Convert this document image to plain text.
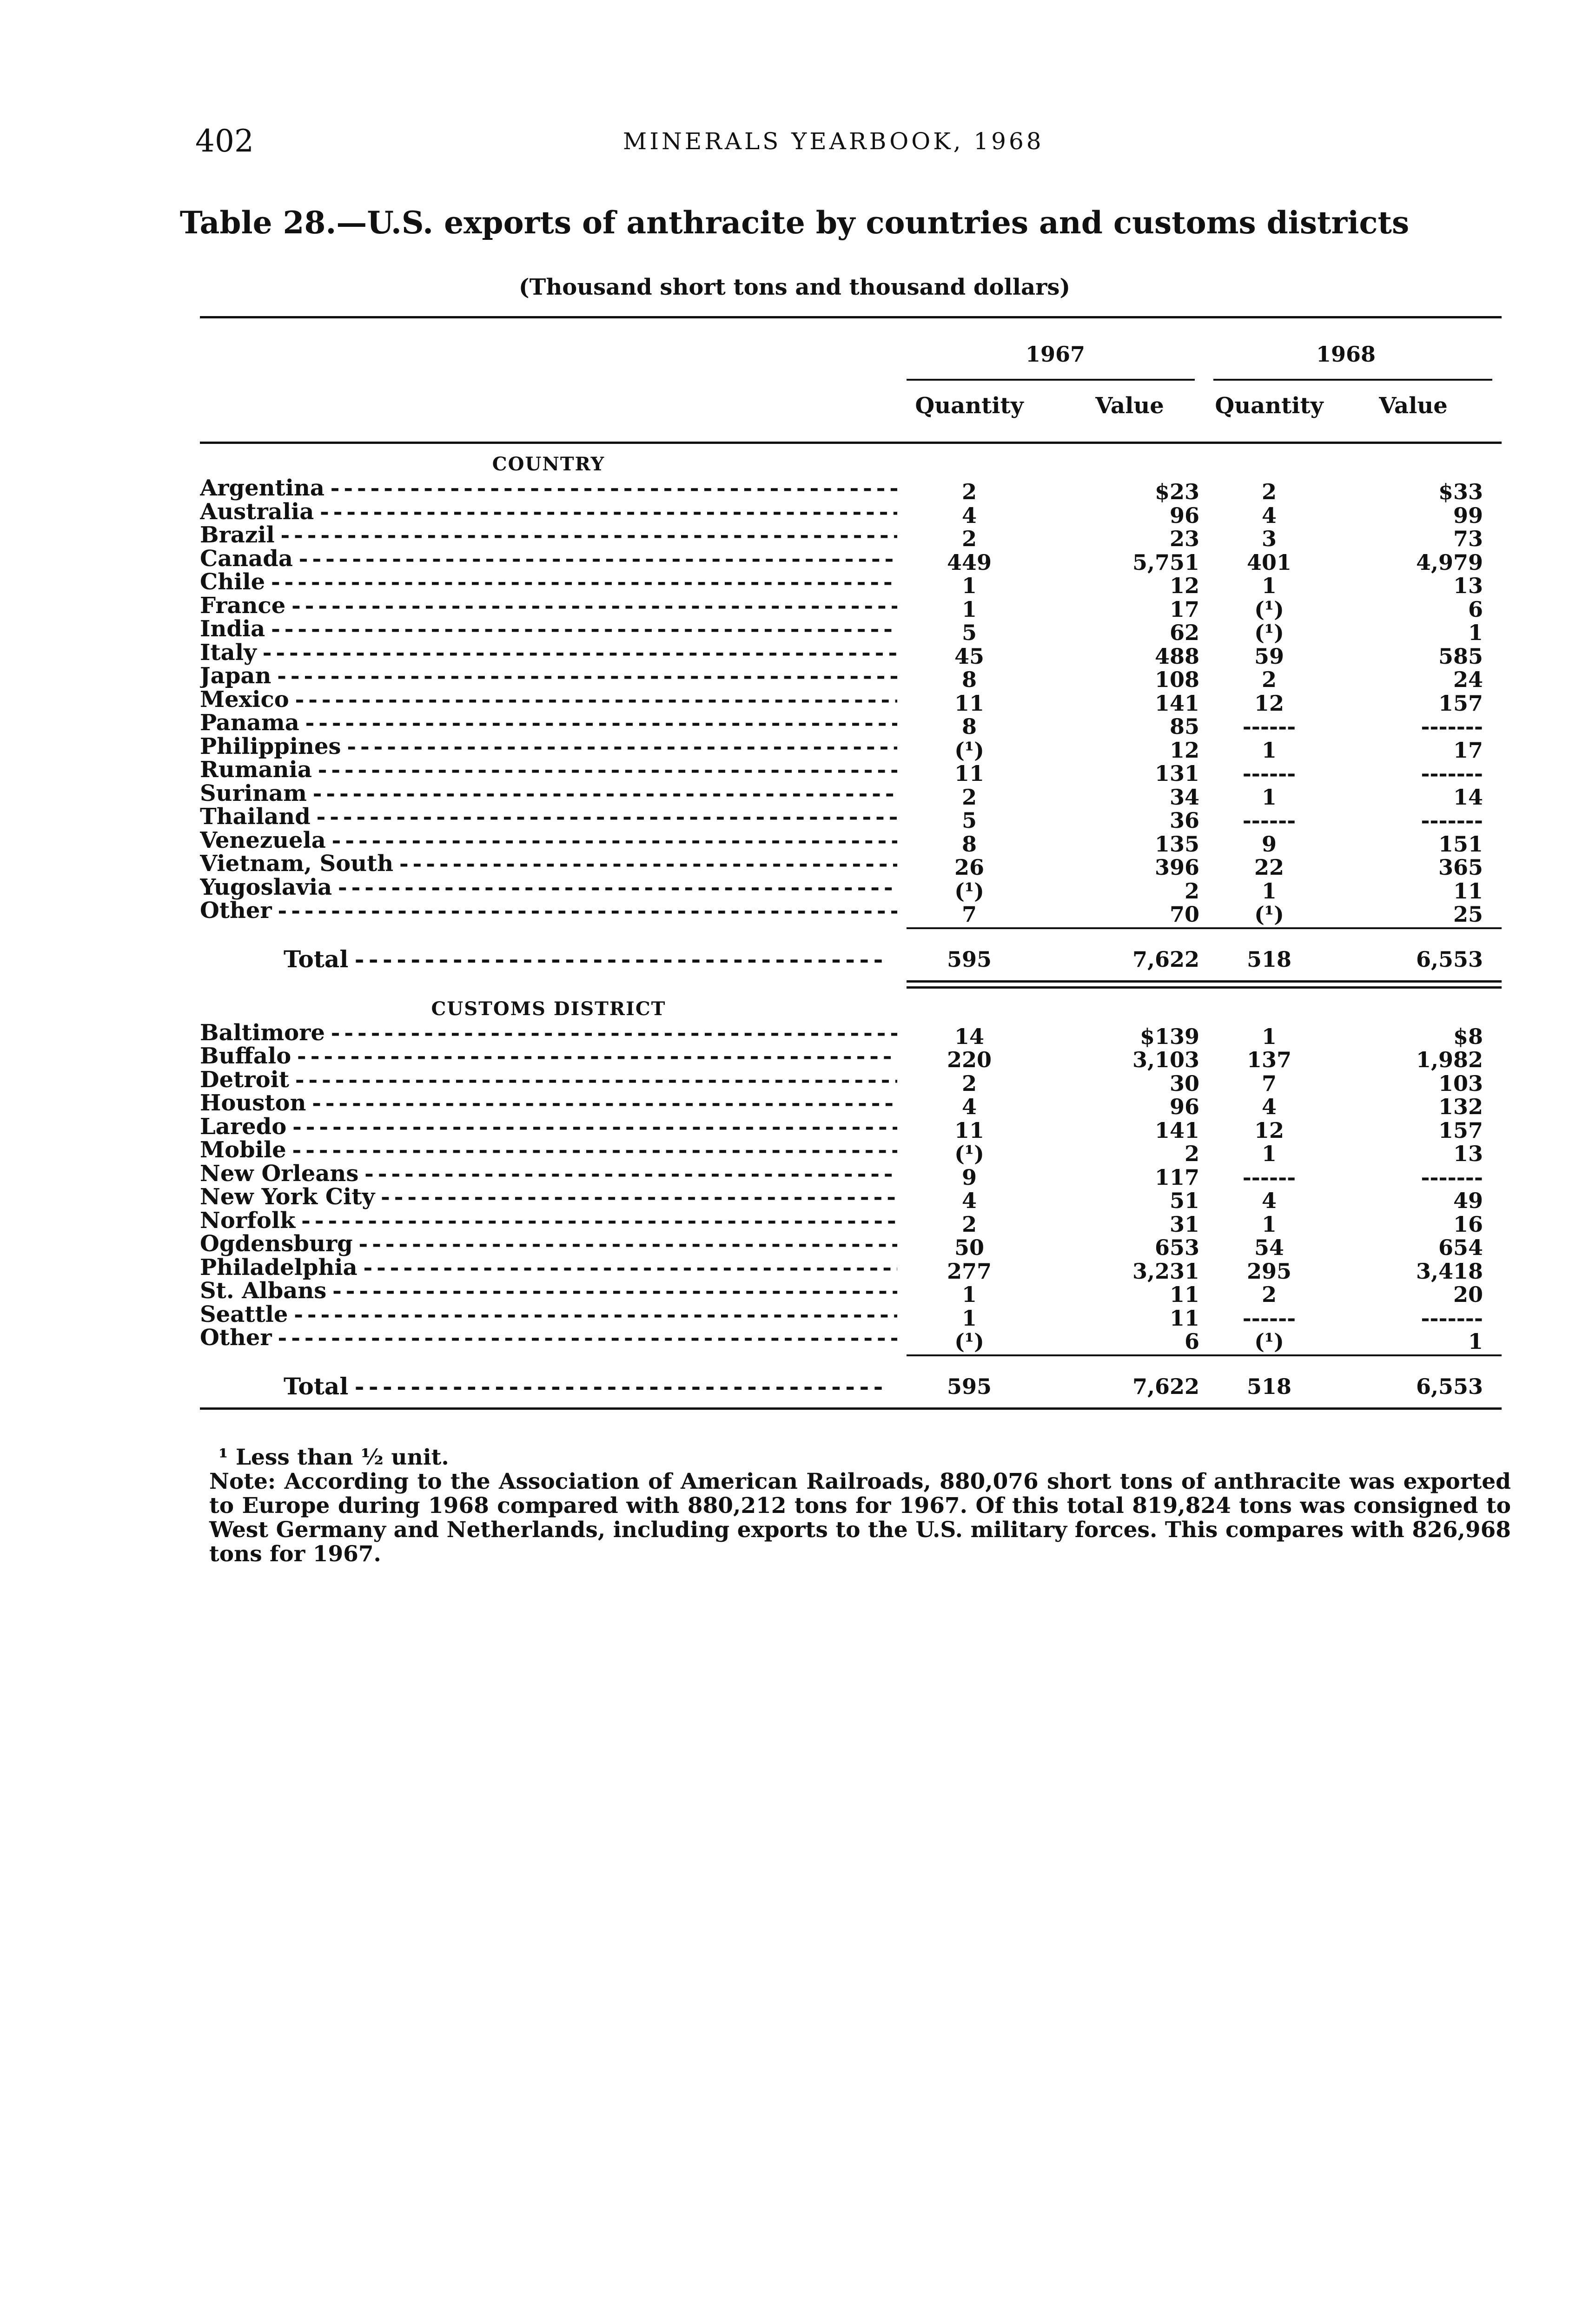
402	MINERALS YEARBOOK, 1968
Table 28.—U.S. exports of anthracite by countries and customs districts
(Thousand short tons and thousand dollars)
1967	1968
Quantity	Value	Quantity	Value
COUNTRY
Argentina - - -	2	$23	2	$33
Australia - - -	4	96	4	99
Brazil - - -	2	23	3	73
Canada - - -	449	5,751	401	4,979
Chile - - -	1	12	1	13
France - - -	1	17	(¹)	6
India - - -	5	62	(¹)	1
Italy - - -	45	488	59	585
Japan - - -	8	108	2	24
Mexico - - -	11	141	12	157
Panama - - -	8	85	------	-------
Philippines - - -	(¹)	12	1	17
Rumania - - -	11	131	------	-------
Surinam - - -	2	34	1	14
Thailand - - -	5	36	------	-------
Venezuela - - -	8	135	9	151
Vietnam, South - - -	26	396	22	365
Yugoslavia - - -	(¹)	2	1	11
Other - - -	7	70	(¹)	25
Total - - -	595	7,622	518	6,553
CUSTOMS DISTRICT
Baltimore - - -	14	$139	1	$8
Buffalo - - -	220	3,103	137	1,982
Detroit - - -	2	30	7	103
Houston - - -	4	96	4	132
Laredo - - -	11	141	12	157
Mobile - - -	(¹)	2	1	13
New Orleans - - -	9	117	------	-------
New York City - - -	4	51	4	49
Norfolk - - -	2	31	1	16
Ogdensburg - - -	50	653	54	654
Philadelphia - - -	277	3,231	295	3,418
St. Albans - - -	1	11	2	20
Seattle - - -	1	11	------	-------
Other - - -	(¹)	6	(¹)	1
Total - - -	595	7,622	518	6,553
¹ Less than ½ unit.
Note: According to the Association of American Railroads, 880,076 short tons of anthracite was exported to Europe during 1968 compared with 880,212 tons for 1967. Of this total 819,824 tons was consigned to West Germany and Netherlands, including exports to the U.S. military forces. This compares with 826,968 tons for 1967.
